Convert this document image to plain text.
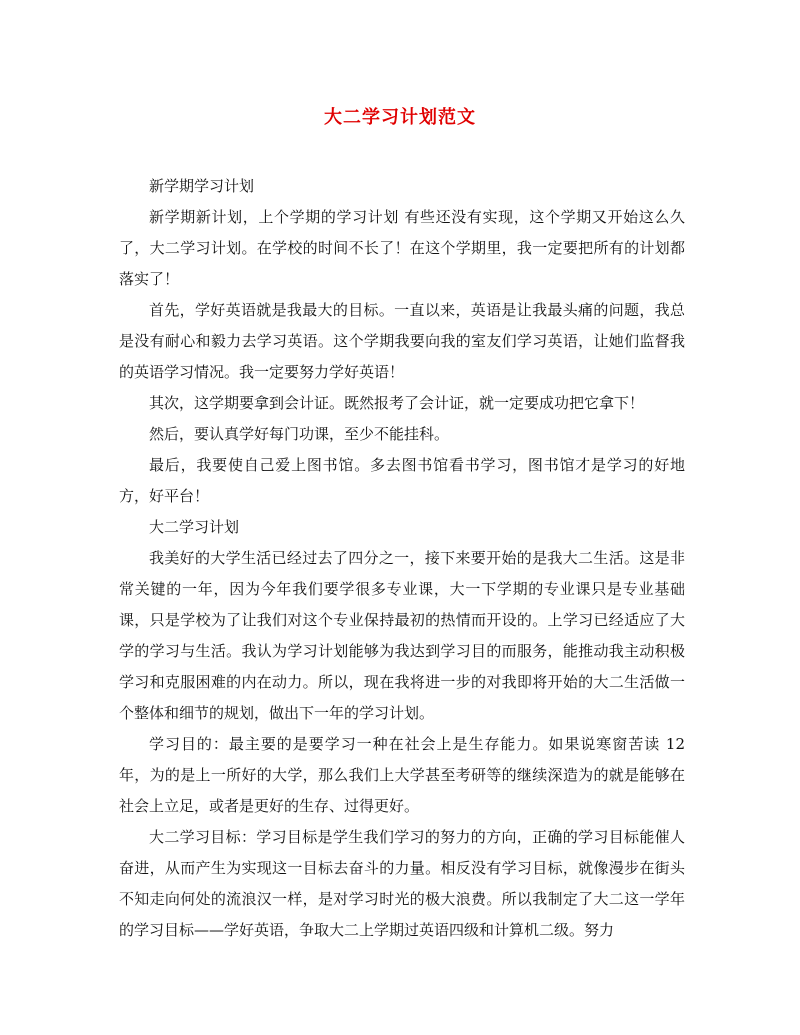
大二学习计划范文

新学期学习计划

新学期新计划，上个学期的学习计划 有些还没有实现，这个学期又开始这么久了，大二学习计划。在学校的时间不长了！在这个学期里，我一定要把所有的计划都落实了！

首先，学好英语就是我最大的目标。一直以来，英语是让我最头痛的问题，我总是没有耐心和毅力去学习英语。这个学期我要向我的室友们学习英语，让她们监督我的英语学习情况。我一定要努力学好英语！

其次，这学期要拿到会计证。既然报考了会计证，就一定要成功把它拿下！

然后，要认真学好每门功课，至少不能挂科。

最后，我要使自己爱上图书馆。多去图书馆看书学习，图书馆才是学习的好地方，好平台！

大二学习计划

我美好的大学生活已经过去了四分之一，接下来要开始的是我大二生活。这是非常关键的一年，因为今年我们要学很多专业课，大一下学期的专业课只是专业基础课，只是学校为了让我们对这个专业保持最初的热情而开设的。上学习已经适应了大学的学习与生活。我认为学习计划能够为我达到学习目的而服务，能推动我主动积极学习和克服困难的内在动力。所以，现在我将进一步的对我即将开始的大二生活做一个整体和细节的规划，做出下一年的学习计划。

学习目的：最主要的是要学习一种在社会上是生存能力。如果说寒窗苦读 12 年，为的是上一所好的大学，那么我们上大学甚至考研等的继续深造为的就是能够在社会上立足，或者是更好的生存、过得更好。

大二学习目标：学习目标是学生我们学习的努力的方向，正确的学习目标能催人奋进，从而产生为实现这一目标去奋斗的力量。相反没有学习目标，就像漫步在街头不知走向何处的流浪汉一样，是对学习时光的极大浪费。所以我制定了大二这一学年的学习目标——学好英语，争取大二上学期过英语四级和计算机二级。努力
